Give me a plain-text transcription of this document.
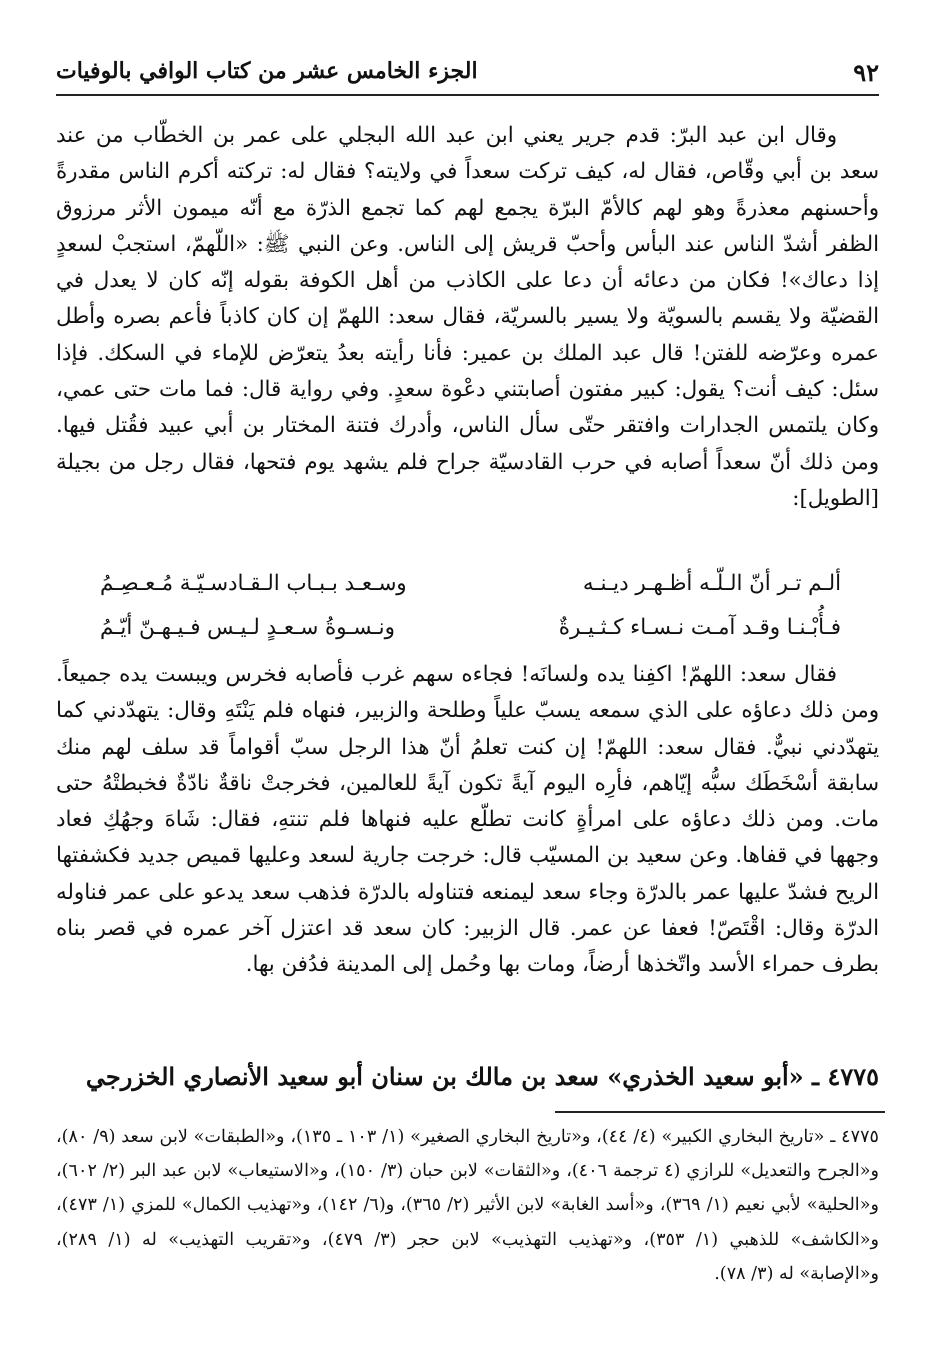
٩٢
الجزء الخامس عشر من كتاب الوافي بالوفيات

وقال ابن عبد البرّ: قدم جرير يعني ابن عبد الله البجلي على عمر بن الخطّاب من عند سعد بن أبي وقّاص، فقال له، كيف تركت سعداً في ولايته؟ فقال له: تركته أكرم الناس مقدرةً وأحسنهم معذرةً وهو لهم كالأمّ البرّة يجمع لهم كما تجمع الذرّة مع أنّه ميمون الأثر مرزوق الظفر أشدّ الناس عند البأس وأحبّ قريش إلى الناس. وعن النبي ﷺ: «اللّهمّ، استجبْ لسعدٍ إذا دعاك»! فكان من دعائه أن دعا على الكاذب من أهل الكوفة بقوله إنّه كان لا يعدل في القضيّة ولا يقسم بالسويّة ولا يسير بالسريّة، فقال سعد: اللهمّ إن كان كاذباً فأعم بصره وأطل عمره وعرّضه للفتن! قال عبد الملك بن عمير: فأنا رأيته بعدُ يتعرّض للإماء في السكك. فإذا سئل: كيف أنت؟ يقول: كبير مفتون أصابتني دعْوة سعدٍ. وفي رواية قال: فما مات حتى عمي، وكان يلتمس الجدارات وافتقر حتّى سأل الناس، وأدرك فتنة المختار بن أبي عبيد فقُتل فيها. ومن ذلك أنّ سعداً أصابه في حرب القادسيّة جراح فلم يشهد يوم فتحها، فقال رجل من بجيلة [الطويل]:

ألـم تـر أنّ الـلّـه أظـهـر ديـنـه
وسـعـد بـبـاب الـقـادسـيّـة مُـعـصِـمُ
فـأُبْـنـا وقـد آمـت نـسـاء كـثـيـرةٌ
ونـسـوةُ سـعـدٍ لـيـس فـيـهـنّ أيّـمُ

فقال سعد: اللهمّ! اكفِنا يده ولسانَه! فجاءه سهم غرب فأصابه فخرس ويبست يده جميعاً. ومن ذلك دعاؤه على الذي سمعه يسبّ علياً وطلحة والزبير، فنهاه فلم يَنْتَهِ وقال: يتهدّدني كما يتهدّدني نبيٌّ. فقال سعد: اللهمّ! إن كنت تعلمُ أنّ هذا الرجل سبّ أقواماً قد سلف لهم منك سابقة أسْخَطَك سبُّه إيّاهم، فأرِه اليوم آيةً تكون آيةً للعالمين، فخرجتْ ناقةٌ نادّةٌ فخبطتْهُ حتى مات. ومن ذلك دعاؤه على امرأةٍ كانت تطلّع عليه فنهاها فلم تنتهِ، فقال: شَاهَ وجهُكِ فعاد وجهها في قفاها. وعن سعيد بن المسيّب قال: خرجت جارية لسعد وعليها قميص جديد فكشفتها الريح فشدّ عليها عمر بالدرّة وجاء سعد ليمنعه فتناوله بالدرّة فذهب سعد يدعو على عمر فناوله الدرّة وقال: اقْتَصّ! فعفا عن عمر. قال الزبير: كان سعد قد اعتزل آخر عمره في قصر بناه بطرف حمراء الأسد واتّخذها أرضاً، ومات بها وحُمل إلى المدينة فدُفن بها.

٤٧٧٥ ـ «أبو سعيد الخذري» سعد بن مالك بن سنان أبو سعيد الأنصاري الخزرجي

٤٧٧٥ ـ «تاريخ البخاري الكبير» (٤/ ٤٤)، و«تاريخ البخاري الصغير» (١/ ١٠٣ ـ ١٣٥)، و«الطبقات» لابن سعد (٩/ ٨٠)، و«الجرح والتعديل» للرازي (٤ ترجمة ٤٠٦)، و«الثقات» لابن حبان (٣/ ١٥٠)، و«الاستيعاب» لابن عبد البر (٢/ ٦٠٢)، و«الحلية» لأبي نعيم (١/ ٣٦٩)، و«أسد الغابة» لابن الأثير (٢/ ٣٦٥)، و(٦/ ١٤٢)، و«تهذيب الكمال» للمزي (١/ ٤٧٣)، و«الكاشف» للذهبي (١/ ٣٥٣)، و«تهذيب التهذيب» لابن حجر (٣/ ٤٧٩)، و«تقريب التهذيب» له (١/ ٢٨٩)، و«الإصابة» له (٣/ ٧٨).
